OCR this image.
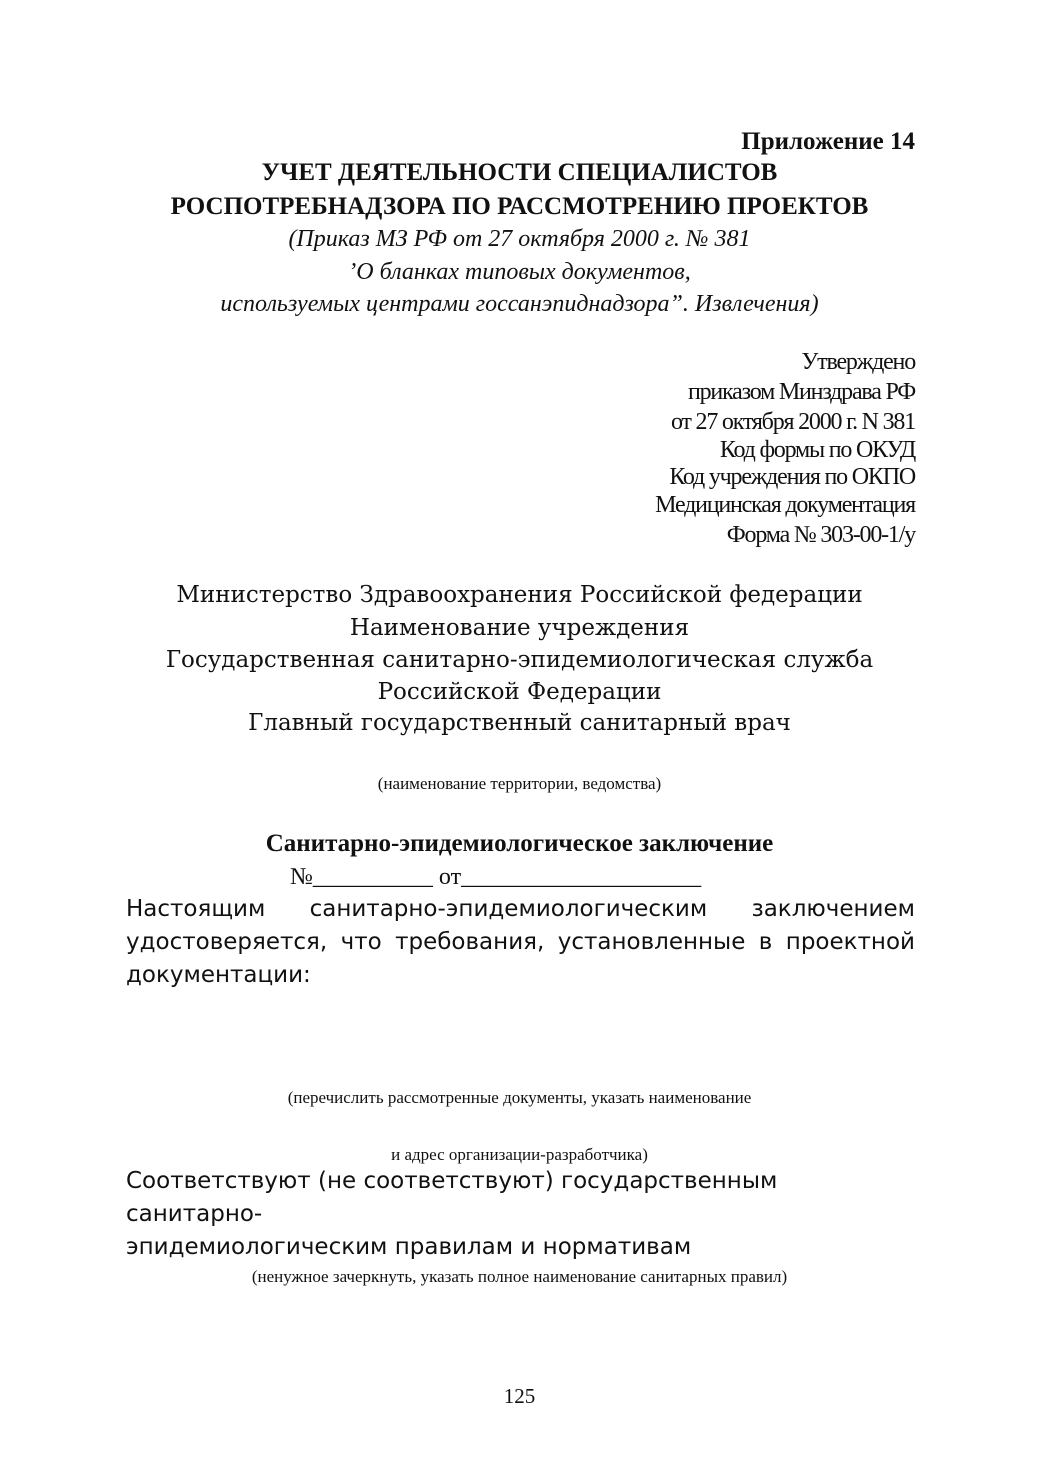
Приложение 14

УЧЕТ ДЕЯТЕЛЬНОСТИ СПЕЦИАЛИСТОВ

РОСПОТРЕБНАДЗОРА ПО РАССМОТРЕНИЮ ПРОЕКТОВ

(Приказ МЗ РФ от 27 октября 2000 г. № 381

’О бланках типовых документов,

используемых центрами госсанэпиднадзора”. Извлечения)

Утверждено

приказом Минздрава РФ

от 27 октября 2000 г. N 381

Код формы по ОКУД

Код учреждения по ОКПО

Медицинская документация

Форма № 303-00-1/у

Министерство Здравоохранения Российской федерации

Наименование учреждения

Государственная санитарно-эпидемиологическая служба

Российской Федерации

Главный государственный санитарный врач

(наименование территории, ведомства)

Санитарно-эпидемиологическое заключение

№__________ от____________________

Настоящим санитарно-эпидемиологическим заключением удостоверяется, что требования, установленные в проектной документации:

(перечислить рассмотренные документы, указать наименование

и адрес организации-разработчика)

Соответствуют (не соответствуют) государственным санитарно-
эпидемиологическим правилам и нормативам

(ненужное зачеркнуть, указать полное наименование санитарных правил)

125
